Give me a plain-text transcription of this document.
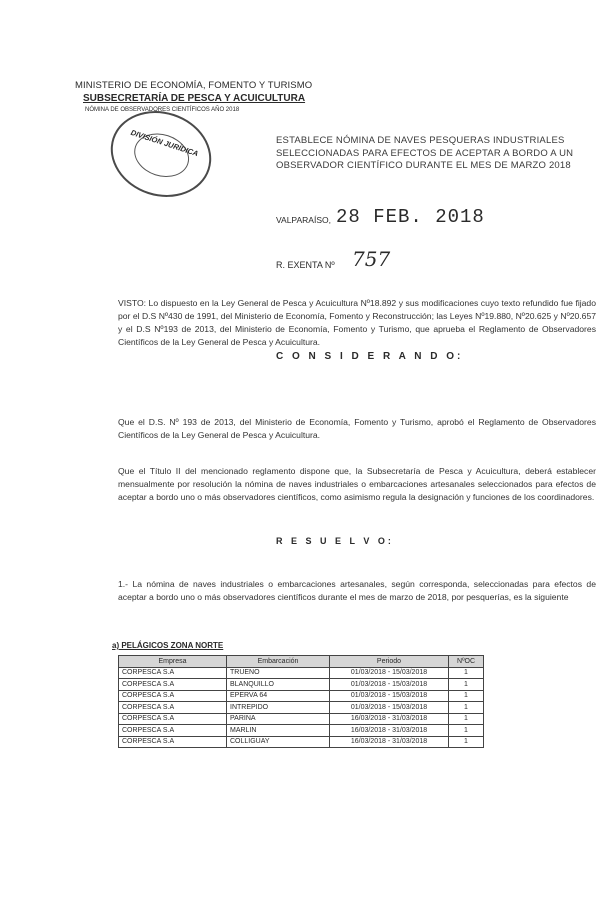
MINISTERIO DE ECONOMÍA, FOMENTO Y TURISMO
SUBSECRETARÍA DE PESCA Y ACUICULTURA
NÓMINA DE OBSERVADORES CIENTÍFICOS AÑO 2018
DIVISIÓN JURÍDICA	ESTABLECE NÓMINA DE NAVES PESQUERAS INDUSTRIALES SELECCIONADAS PARA EFECTOS DE ACEPTAR A BORDO A UN OBSERVADOR CIENTÍFICO DURANTE EL MES DE MARZO 2018
VALPARAÍSO, 28 FEB. 2018
R. EXENTA Nº 757
VISTO: Lo dispuesto en la Ley General de Pesca y Acuicultura Nº18.892 y sus modificaciones cuyo texto refundido fue fijado por el D.S Nº430 de 1991, del Ministerio de Economía, Fomento y Reconstrucción; las Leyes Nº19.880, Nº20.625 y Nº20.657 y el D.S Nº193 de 2013, del Ministerio de Economía, Fomento y Turismo, que aprueba el Reglamento de Observadores Científicos de la Ley General de Pesca y Acuicultura.
C O N S I D E R A N D O:
Que el D.S. Nº 193 de 2013, del Ministerio de Economía, Fomento y Turismo, aprobó el Reglamento de Observadores Científicos de la Ley General de Pesca y Acuicultura.
Que el Título II del mencionado reglamento dispone que, la Subsecretaría de Pesca y Acuicultura, deberá establecer mensualmente por resolución la nómina de naves industriales o embarcaciones artesanales seleccionados para efectos de aceptar a bordo uno o más observadores científicos, como asimismo regula la designación y funciones de los coordinadores.
R E S U E L V O:
1.- La nómina de naves industriales o embarcaciones artesanales, según corresponda, seleccionadas para efectos de aceptar a bordo uno o más observadores científicos durante el mes de marzo de 2018, por pesquerías, es la siguiente
a) PELÁGICOS ZONA NORTE
Empresa	Embarcación	Periodo	NºOC
CORPESCA S.A	TRUENO	01/03/2018 - 15/03/2018	1
CORPESCA S.A	BLANQUILLO	01/03/2018 - 15/03/2018	1
CORPESCA S.A	EPERVA 64	01/03/2018 - 15/03/2018	1
CORPESCA S.A	INTREPIDO	01/03/2018 - 15/03/2018	1
CORPESCA S.A	PARINA	16/03/2018 - 31/03/2018	1
CORPESCA S.A	MARLIN	16/03/2018 - 31/03/2018	1
CORPESCA S.A	COLLIGUAY	16/03/2018 - 31/03/2018	1
